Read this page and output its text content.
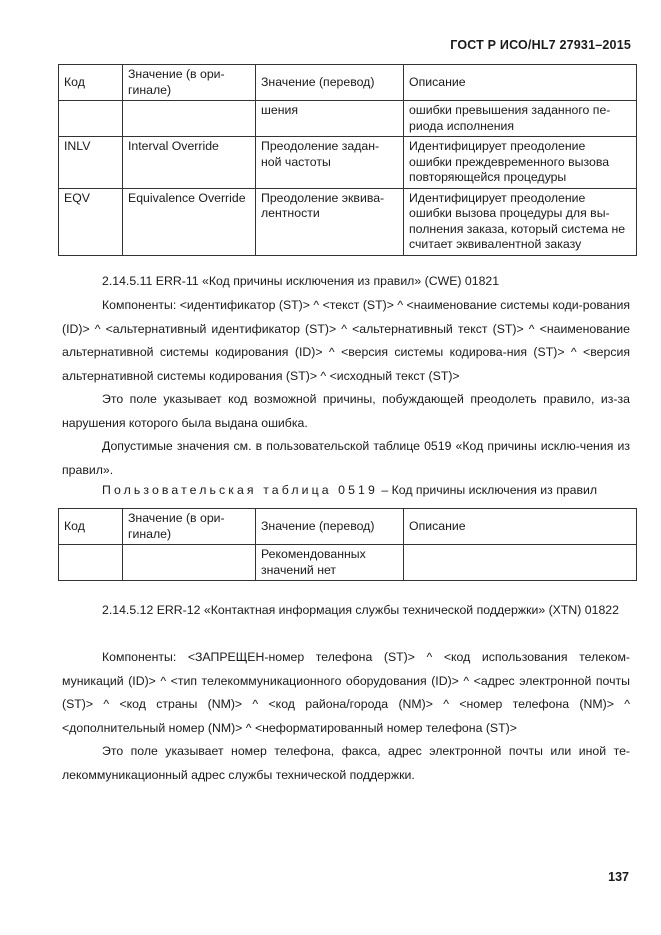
ГОСТ Р ИСО/HL7 27931–2015
Код	Значение (в ори-гиналe)	Значение (перевод)	Описание
		шения	ошибки превышения заданного пе-риода исполнения
INLV	Interval Override	Преодоление задан-ной частоты	Идентифицирует преодоление ошибки преждевременного вызова повторяющейся процедуры
EQV	Equivalence Override	Преодоление эквива-лентности	Идентифицирует преодоление ошибки вызова процедуры для вы-полнения заказа, который система не считает эквивалентной заказу

2.14.5.11 ERR-11 «Код причины исключения из правил» (CWE) 01821

Компоненты: <идентификатор (ST)> ^ <текст (ST)> ^ <наименование системы коди-рования (ID)> ^ <альтернативный идентификатор (ST)> ^ <альтернативный текст (ST)> ^ <наименование альтернативной системы кодирования (ID)> ^ <версия системы кодирова-ния (ST)> ^ <версия альтернативной системы кодирования (ST)> ^ <исходный текст (ST)>

Это поле указывает код возможной причины, побуждающей преодолеть правило, из-за нарушения которого была выдана ошибка.

Допустимые значения см. в пользовательской таблице 0519 «Код причины исклю-чения из правил».

Пользовательская таблица 0519 – Код причины исключения из правил
Код	Значение (в ори-гиналe)	Значение (перевод)	Описание
		Рекомендованных значений нет	

2.14.5.12 ERR-12 «Контактная информация службы технической поддержки» (XTN) 01822

Компоненты: <ЗАПРЕЩЕН-номер телефона (ST)> ^ <код использования телеком-муникаций (ID)> ^ <тип телекоммуникационного оборудования (ID)> ^ <адрес электронной почты (ST)> ^ <код страны (NM)> ^ <код района/города (NM)> ^ <номер телефона (NM)> ^ <дополнительный номер (NM)> ^ <неформатированный номер телефона (ST)>

Это поле указывает номер телефона, факса, адрес электронной почты или иной те-лекоммуникационный адрес службы технической поддержки.

137
